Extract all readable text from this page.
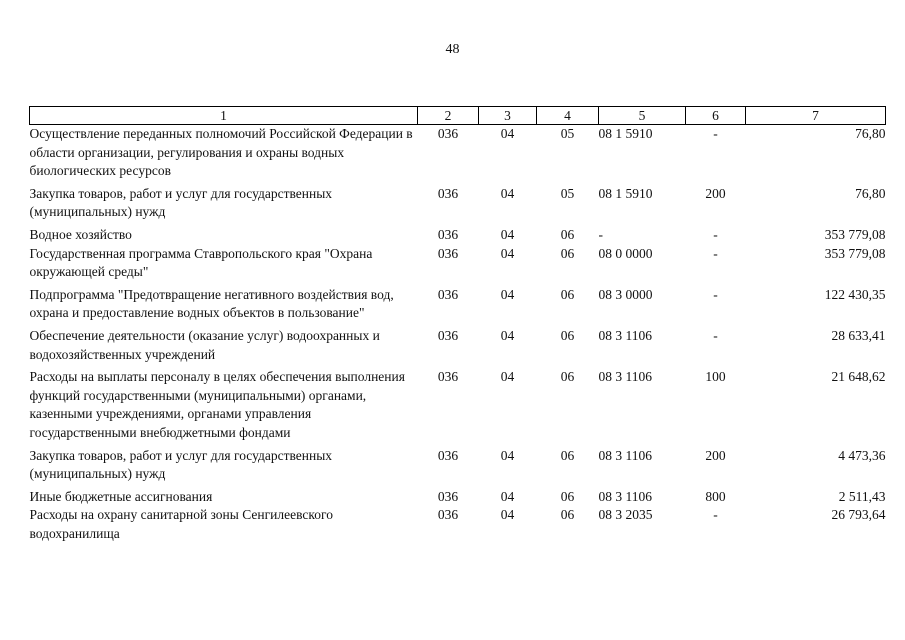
48
1	2	3	4	5	6	7
Осуществление переданных полномочий Российской Федерации в области организации, регулирования и охраны водных биологических ресурсов	036	04	05	08 1 5910	-	76,80
Закупка товаров, работ и услуг для государственных (муниципальных) нужд	036	04	05	08 1 5910	200	76,80
Водное хозяйство	036	04	06	-	-	353 779,08
Государственная программа Ставропольского края "Охрана окружающей среды"	036	04	06	08 0 0000	-	353 779,08
Подпрограмма "Предотвращение негативного воздействия вод, охрана и предоставление водных объектов в пользование"	036	04	06	08 3 0000	-	122 430,35
Обеспечение деятельности (оказание услуг) водоохранных и водохозяйственных учреждений	036	04	06	08 3 1106	-	28 633,41
Расходы на выплаты персоналу в целях обеспечения выполнения функций государственными (муниципальными) органами, казенными учреждениями, органами управления государственными внебюджетными фондами	036	04	06	08 3 1106	100	21 648,62
Закупка товаров, работ и услуг для государственных (муниципальных) нужд	036	04	06	08 3 1106	200	4 473,36
Иные бюджетные ассигнования	036	04	06	08 3 1106	800	2 511,43
Расходы на охрану санитарной зоны Сенгилеевского водохранилища	036	04	06	08 3 2035	-	26 793,64
